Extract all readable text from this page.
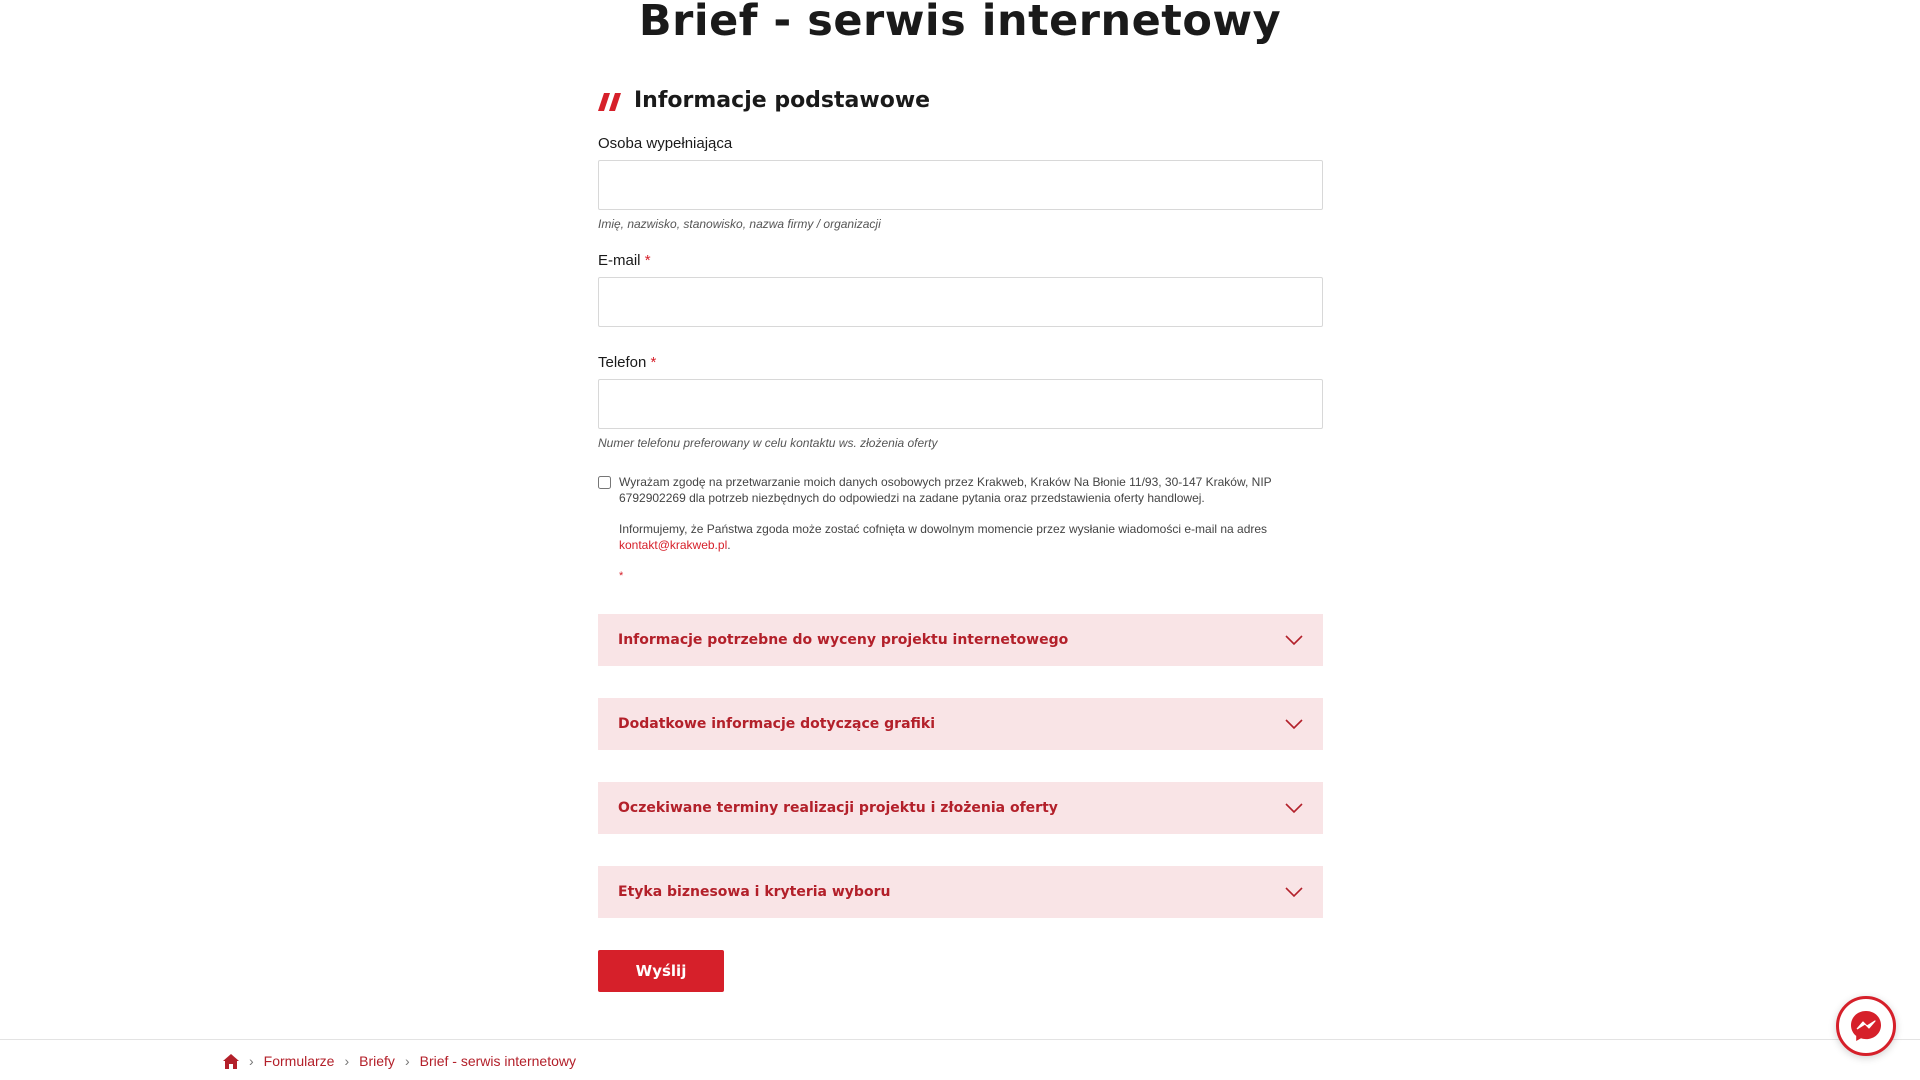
Brief - serwis internetowy
Informacje podstawowe
Osoba wypełniająca
Imię, nazwisko, stanowisko, nazwa firmy / organizacji
E-mail *
Telefon *
Numer telefonu preferowany w celu kontaktu ws. złożenia oferty

Wyrażam zgodę na przetwarzanie moich danych osobowych przez Krakweb, Kraków Na Błonie 11/93, 30-147 Kraków, NIP 6792902269 dla potrzeb niezbędnych do odpowiedzi na zadane pytania oraz przedstawienia oferty handlowej.

Informujemy, że Państwa zgoda może zostać cofnięta w dowolnym momencie przez wysłanie wiadomości e-mail na adres kontakt@krakweb.pl.

*
Informacje potrzebne do wyceny projektu internetowego
Dodatkowe informacje dotyczące grafiki
Oczekiwane terminy realizacji projektu i złożenia oferty
Etyka biznesowa i kryteria wyboru
Wyślij
› Formularze › Briefy › Brief - serwis internetowy
